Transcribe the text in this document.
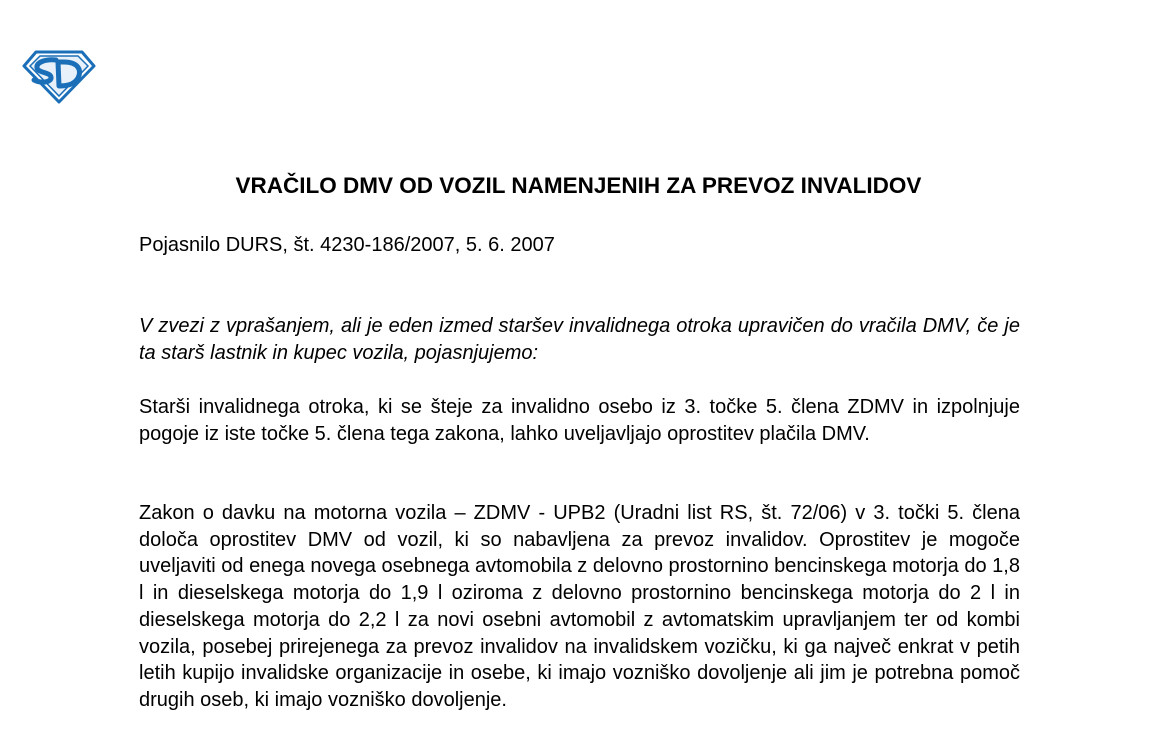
VRAČILO DMV OD VOZIL NAMENJENIH ZA PREVOZ INVALIDOV

Pojasnilo DURS, št. 4230-186/2007, 5. 6. 2007

V zvezi z vprašanjem, ali je eden izmed staršev invalidnega otroka upravičen do vračila DMV, če je ta starš lastnik in kupec vozila, pojasnjujemo:

Starši invalidnega otroka, ki se šteje za invalidno osebo iz 3. točke 5. člena ZDMV in izpolnjuje pogoje iz iste točke 5. člena tega zakona, lahko uveljavljajo oprostitev plačila DMV.

Zakon o davku na motorna vozila – ZDMV - UPB2 (Uradni list RS, št. 72/06) v 3. točki 5. člena določa oprostitev DMV od vozil, ki so nabavljena za prevoz invalidov. Oprostitev je mogoče uveljaviti od enega novega osebnega avtomobila z delovno prostornino bencinskega motorja do 1,8 l in dieselskega motorja do 1,9 l oziroma z delovno prostornino bencinskega motorja do 2 l in dieselskega motorja do 2,2 l za novi osebni avtomobil z avtomatskim upravljanjem ter od kombi vozila, posebej prirejenega za prevoz invalidov na invalidskem vozičku, ki ga največ enkrat v petih letih kupijo invalidske organizacije in osebe, ki imajo vozniško dovoljenje ali jim je potrebna pomoč drugih oseb, ki imajo vozniško dovoljenje.
